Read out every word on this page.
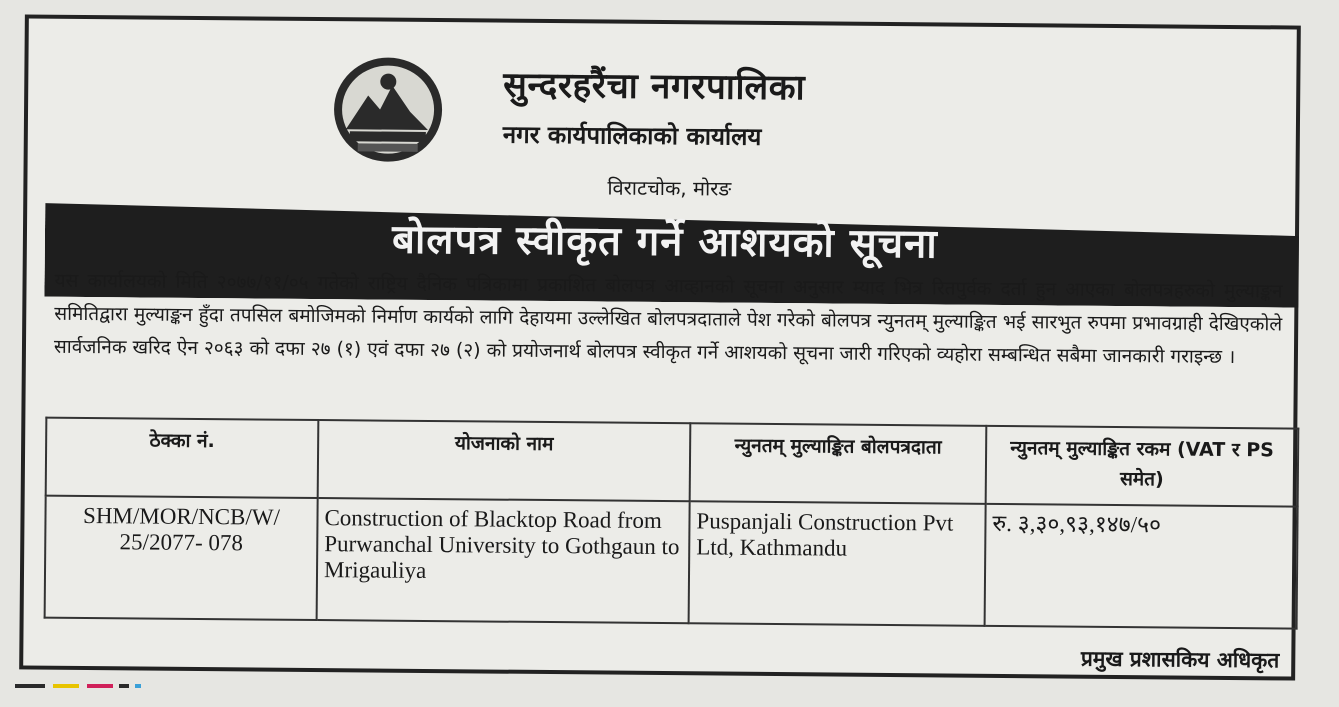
सुन्दरहरैंचा नगरपालिका
नगर कार्यपालिकाको कार्यालय
विराटचोक, मोरङ
बोलपत्र स्वीकृत गर्ने आशयको सूचना
यस कार्यालयको मिति २०७७/११/०५ गतेको राष्ट्रिय दैनिक पत्रिकामा प्रकाशित बोलपत्र आव्हानको सूचना अनुसार म्याद भित्र रितपुर्वक दर्ता हुन आएका बोलपत्रहरुको मुल्याङ्कन समितिद्वारा मुल्याङ्कन हुँदा तपसिल बमोजिमको निर्माण कार्यको लागि देहायमा उल्लेखित बोलपत्रदाताले पेश गरेको बोलपत्र न्युनतम् मुल्याङ्कित भई सारभुत रुपमा प्रभावग्राही देखिएकोले सार्वजनिक खरिद ऐन २०६३ को दफा २७ (१) एवं दफा २७ (२) को प्रयोजनार्थ बोलपत्र स्वीकृत गर्ने आशयको सूचना जारी गरिएको व्यहोरा सम्बन्धित सबैमा जानकारी गराइन्छ ।
ठेक्का नं.	योजनाको नाम	न्युनतम् मुल्याङ्कित बोलपत्रदाता	न्युनतम् मुल्याङ्कित रकम (VAT र PS समेत)
SHM/MOR/NCB/W/ 25/2077- 078	Construction of Blacktop Road from Purwanchal University to Gothgaun to Mrigauliya	Puspanjali Construction Pvt Ltd, Kathmandu	रु. ३,३०,९३,१४७/५०
प्रमुख प्रशासकिय अधिकृत
